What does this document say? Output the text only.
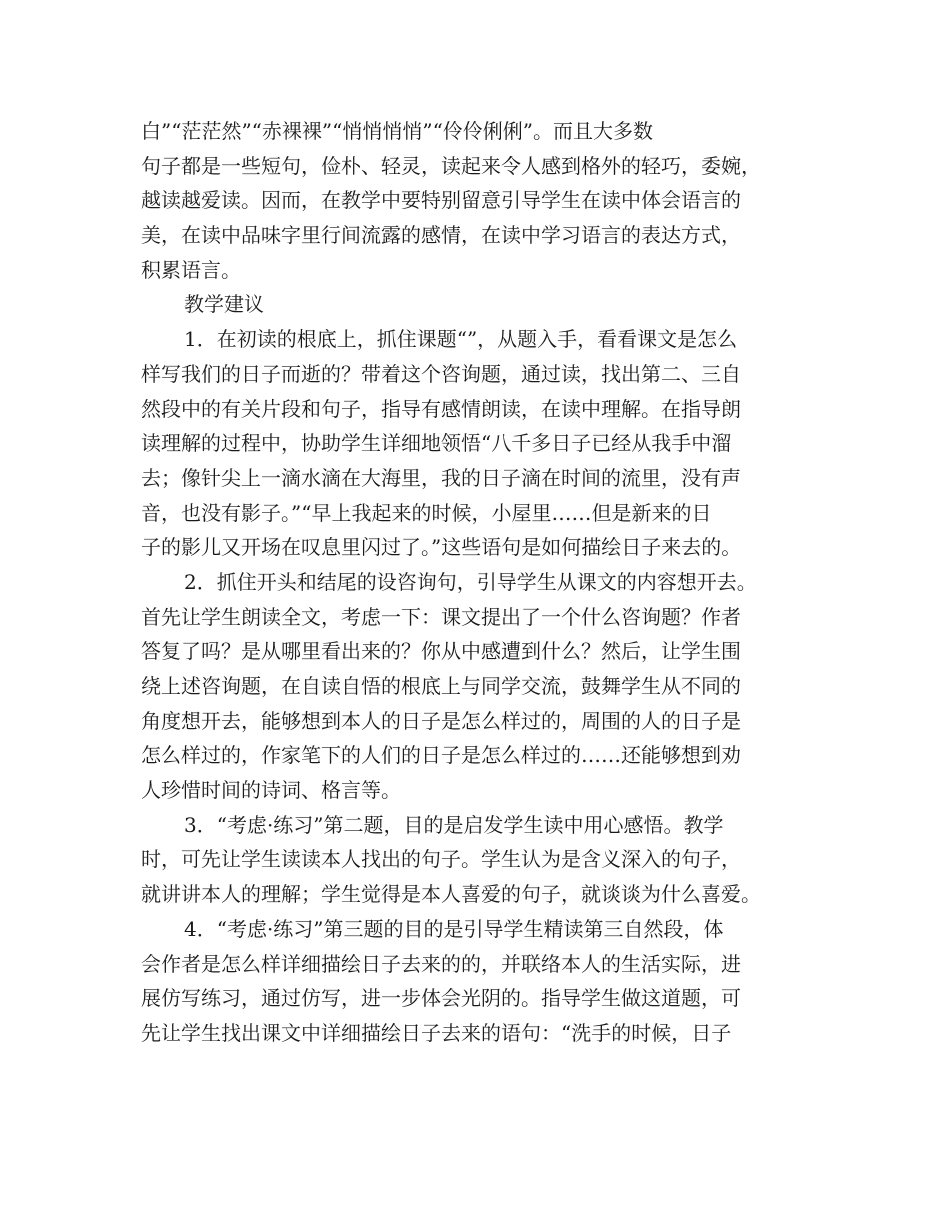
白”“茫茫然”“赤裸裸”“悄悄悄悄”“伶伶俐俐”。而且大多数
句子都是一些短句，俭朴、轻灵，读起来令人感到格外的轻巧，委婉，
越读越爱读。因而，在教学中要特别留意引导学生在读中体会语言的
美，在读中品味字里行间流露的感情，在读中学习语言的表达方式，
积累语言。
教学建议
1．在初读的根底上，抓住课题“”，从题入手，看看课文是怎么
样写我们的日子而逝的？带着这个咨询题，通过读，找出第二、三自
然段中的有关片段和句子，指导有感情朗读，在读中理解。在指导朗
读理解的过程中，协助学生详细地领悟“八千多日子已经从我手中溜
去；像针尖上一滴水滴在大海里，我的日子滴在时间的流里，没有声
音，也没有影子。”“早上我起来的时候，小屋里……但是新来的日
子的影儿又开场在叹息里闪过了。”这些语句是如何描绘日子来去的。
2．抓住开头和结尾的设咨询句，引导学生从课文的内容想开去。
首先让学生朗读全文，考虑一下：课文提出了一个什么咨询题？作者
答复了吗？是从哪里看出来的？你从中感遭到什么？然后，让学生围
绕上述咨询题，在自读自悟的根底上与同学交流，鼓舞学生从不同的
角度想开去，能够想到本人的日子是怎么样过的，周围的人的日子是
怎么样过的，作家笔下的人们的日子是怎么样过的……还能够想到劝
人珍惜时间的诗词、格言等。
3．“考虑·练习”第二题，目的是启发学生读中用心感悟。教学
时，可先让学生读读本人找出的句子。学生认为是含义深入的句子，
就讲讲本人的理解；学生觉得是本人喜爱的句子，就谈谈为什么喜爱。
4．“考虑·练习”第三题的目的是引导学生精读第三自然段，体
会作者是怎么样详细描绘日子去来的的，并联络本人的生活实际，进
展仿写练习，通过仿写，进一步体会光阴的。指导学生做这道题，可
先让学生找出课文中详细描绘日子去来的语句：“洗手的时候，日子
